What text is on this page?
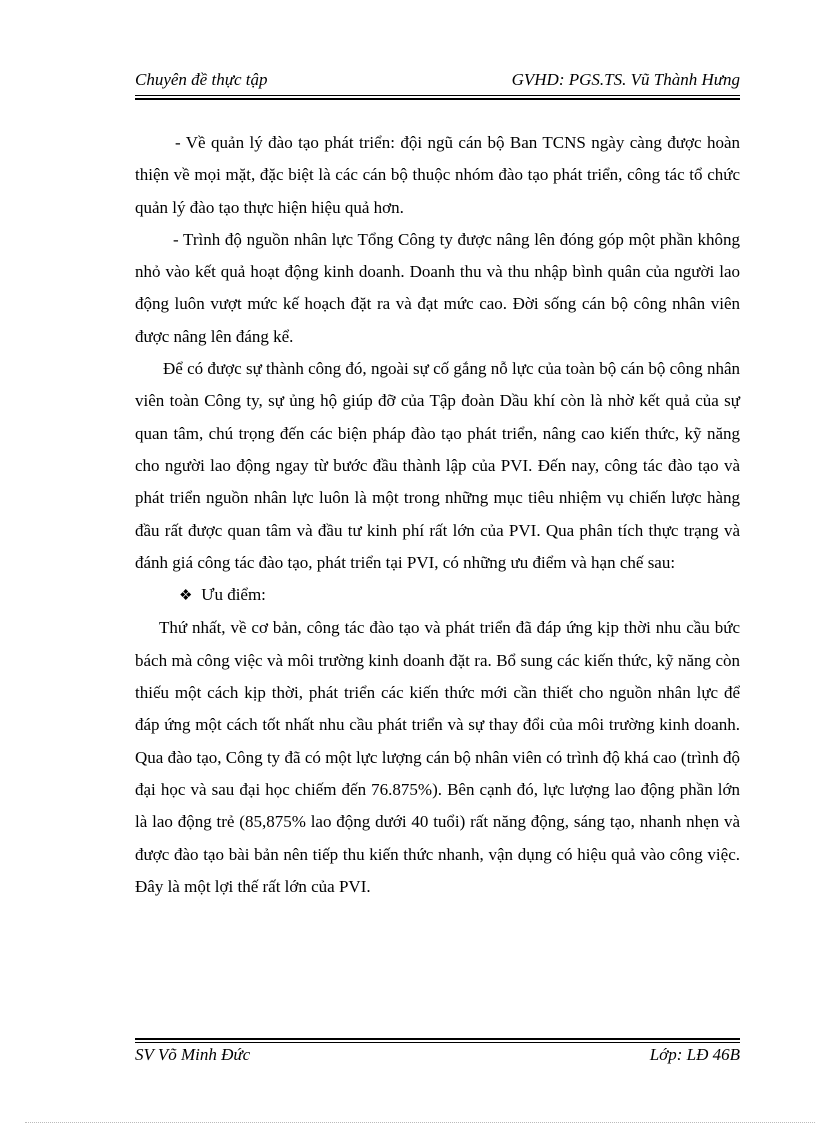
Chuyên đề thực tập	GVHD: PGS.TS. Vũ Thành Hưng

- Về quản lý đào tạo phát triển: đội ngũ cán bộ Ban TCNS ngày càng được hoàn thiện về mọi mặt, đặc biệt là các cán bộ thuộc nhóm đào tạo phát triển, công tác tổ chức quản lý đào tạo thực hiện hiệu quả hơn.

- Trình độ nguồn nhân lực Tổng Công ty được nâng lên đóng góp một phần không nhỏ vào kết quả hoạt động kinh doanh. Doanh thu và thu nhập bình quân của người lao động luôn vượt mức kế hoạch đặt ra và đạt mức cao. Đời sống cán bộ công nhân viên được nâng lên đáng kể.

Để có được sự thành công đó, ngoài sự cố gắng nỗ lực của toàn bộ cán bộ công nhân viên toàn Công ty, sự ủng hộ giúp đỡ của Tập đoàn Dầu khí còn là nhờ kết quả của sự quan tâm, chú trọng đến các biện pháp đào tạo phát triển, nâng cao kiến thức, kỹ năng cho người lao động ngay từ bước đầu thành lập của PVI. Đến nay, công tác đào tạo và phát triển nguồn nhân lực luôn là một trong những mục tiêu nhiệm vụ chiến lược hàng đầu rất được quan tâm và đầu tư kinh phí rất lớn của PVI. Qua phân tích thực trạng và đánh giá công tác đào tạo, phát triển tại PVI, có những ưu điểm và hạn chế sau:

❖ Ưu điểm:

Thứ nhất, về cơ bản, công tác đào tạo và phát triển đã đáp ứng kịp thời nhu cầu bức bách mà công việc và môi trường kinh doanh đặt ra. Bổ sung các kiến thức, kỹ năng còn thiếu một cách kịp thời, phát triển các kiến thức mới cần thiết cho nguồn nhân lực để đáp ứng một cách tốt nhất nhu cầu phát triển và sự thay đổi của môi trường kinh doanh. Qua đào tạo, Công ty đã có một lực lượng cán bộ nhân viên có trình độ khá cao (trình độ đại học và sau đại học chiếm đến 76.875%). Bên cạnh đó, lực lượng lao động phần lớn là lao động trẻ (85,875% lao động dưới 40 tuổi) rất năng động, sáng tạo, nhanh nhẹn và được đào tạo bài bản nên tiếp thu kiến thức nhanh, vận dụng có hiệu quả vào công việc. Đây là một lợi thế rất lớn của PVI.

SV Võ Minh Đức	Lớp: LĐ 46B
